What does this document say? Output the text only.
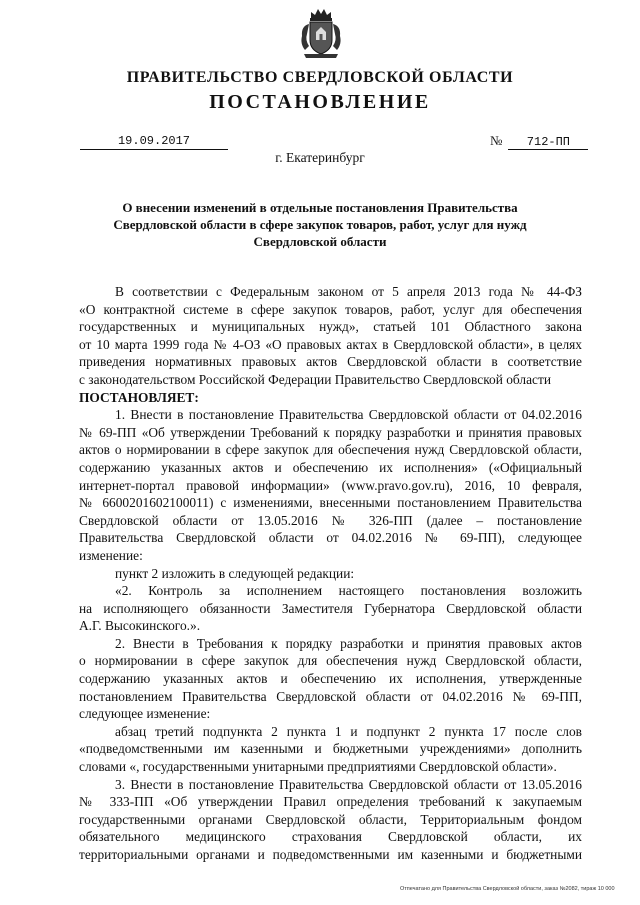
ПРАВИТЕЛЬСТВО СВЕРДЛОВСКОЙ ОБЛАСТИ
ПОСТАНОВЛЕНИЕ
19.09.2017	№ 712-ПП
г. Екатеринбург
О внесении изменений в отдельные постановления Правительства
Свердловской области в сфере закупок товаров, работ, услуг для нужд
Свердловской области

В соответствии с Федеральным законом от 5 апреля 2013 года № 44-ФЗ

«О контрактной системе в сфере закупок товаров, работ, услуг для обеспечения

государственных и муниципальных нужд», статьей 101 Областного закона

от 10 марта 1999 года № 4-ОЗ «О правовых актах в Свердловской области», в целях

приведения нормативных правовых актов Свердловской области в соответствие

с законодательством Российской Федерации Правительство Свердловской области

ПОСТАНОВЛЯЕТ:

1. Внести в постановление Правительства Свердловской области от 04.02.2016

№ 69-ПП «Об утверждении Требований к порядку разработки и принятия правовых

актов о нормировании в сфере закупок для обеспечения нужд Свердловской области,

содержанию указанных актов и обеспечению их исполнения» («Официальный

интернет-портал правовой информации» (www.pravo.gov.ru), 2016, 10 февраля,

№ 6600201602100011) с изменениями, внесенными постановлением Правительства

Свердловской области от 13.05.2016 № 326-ПП (далее – постановление

Правительства Свердловской области от 04.02.2016 № 69-ПП), следующее

изменение:

пункт 2 изложить в следующей редакции:

«2. Контроль за исполнением настоящего постановления возложить

на исполняющего обязанности Заместителя Губернатора Свердловской области

А.Г. Высокинского.».

2. Внести в Требования к порядку разработки и принятия правовых актов

о нормировании в сфере закупок для обеспечения нужд Свердловской области,

содержанию указанных актов и обеспечению их исполнения, утвержденные

постановлением Правительства Свердловской области от 04.02.2016 № 69-ПП,

следующее изменение:

абзац третий подпункта 2 пункта 1 и подпункт 2 пункта 17 после слов

«подведомственными им казенными и бюджетными учреждениями» дополнить

словами «, государственными унитарными предприятиями Свердловской области».

3. Внести в постановление Правительства Свердловской области от 13.05.2016

№ 333-ПП «Об утверждении Правил определения требований к закупаемым

государственными органами Свердловской области, Территориальным фондом

обязательного медицинского страхования Свердловской области, их

территориальными органами и подведомственными им казенными и бюджетными

Отпечатано для Правительства Свердловской области, заказ №2082, тираж 10 000
